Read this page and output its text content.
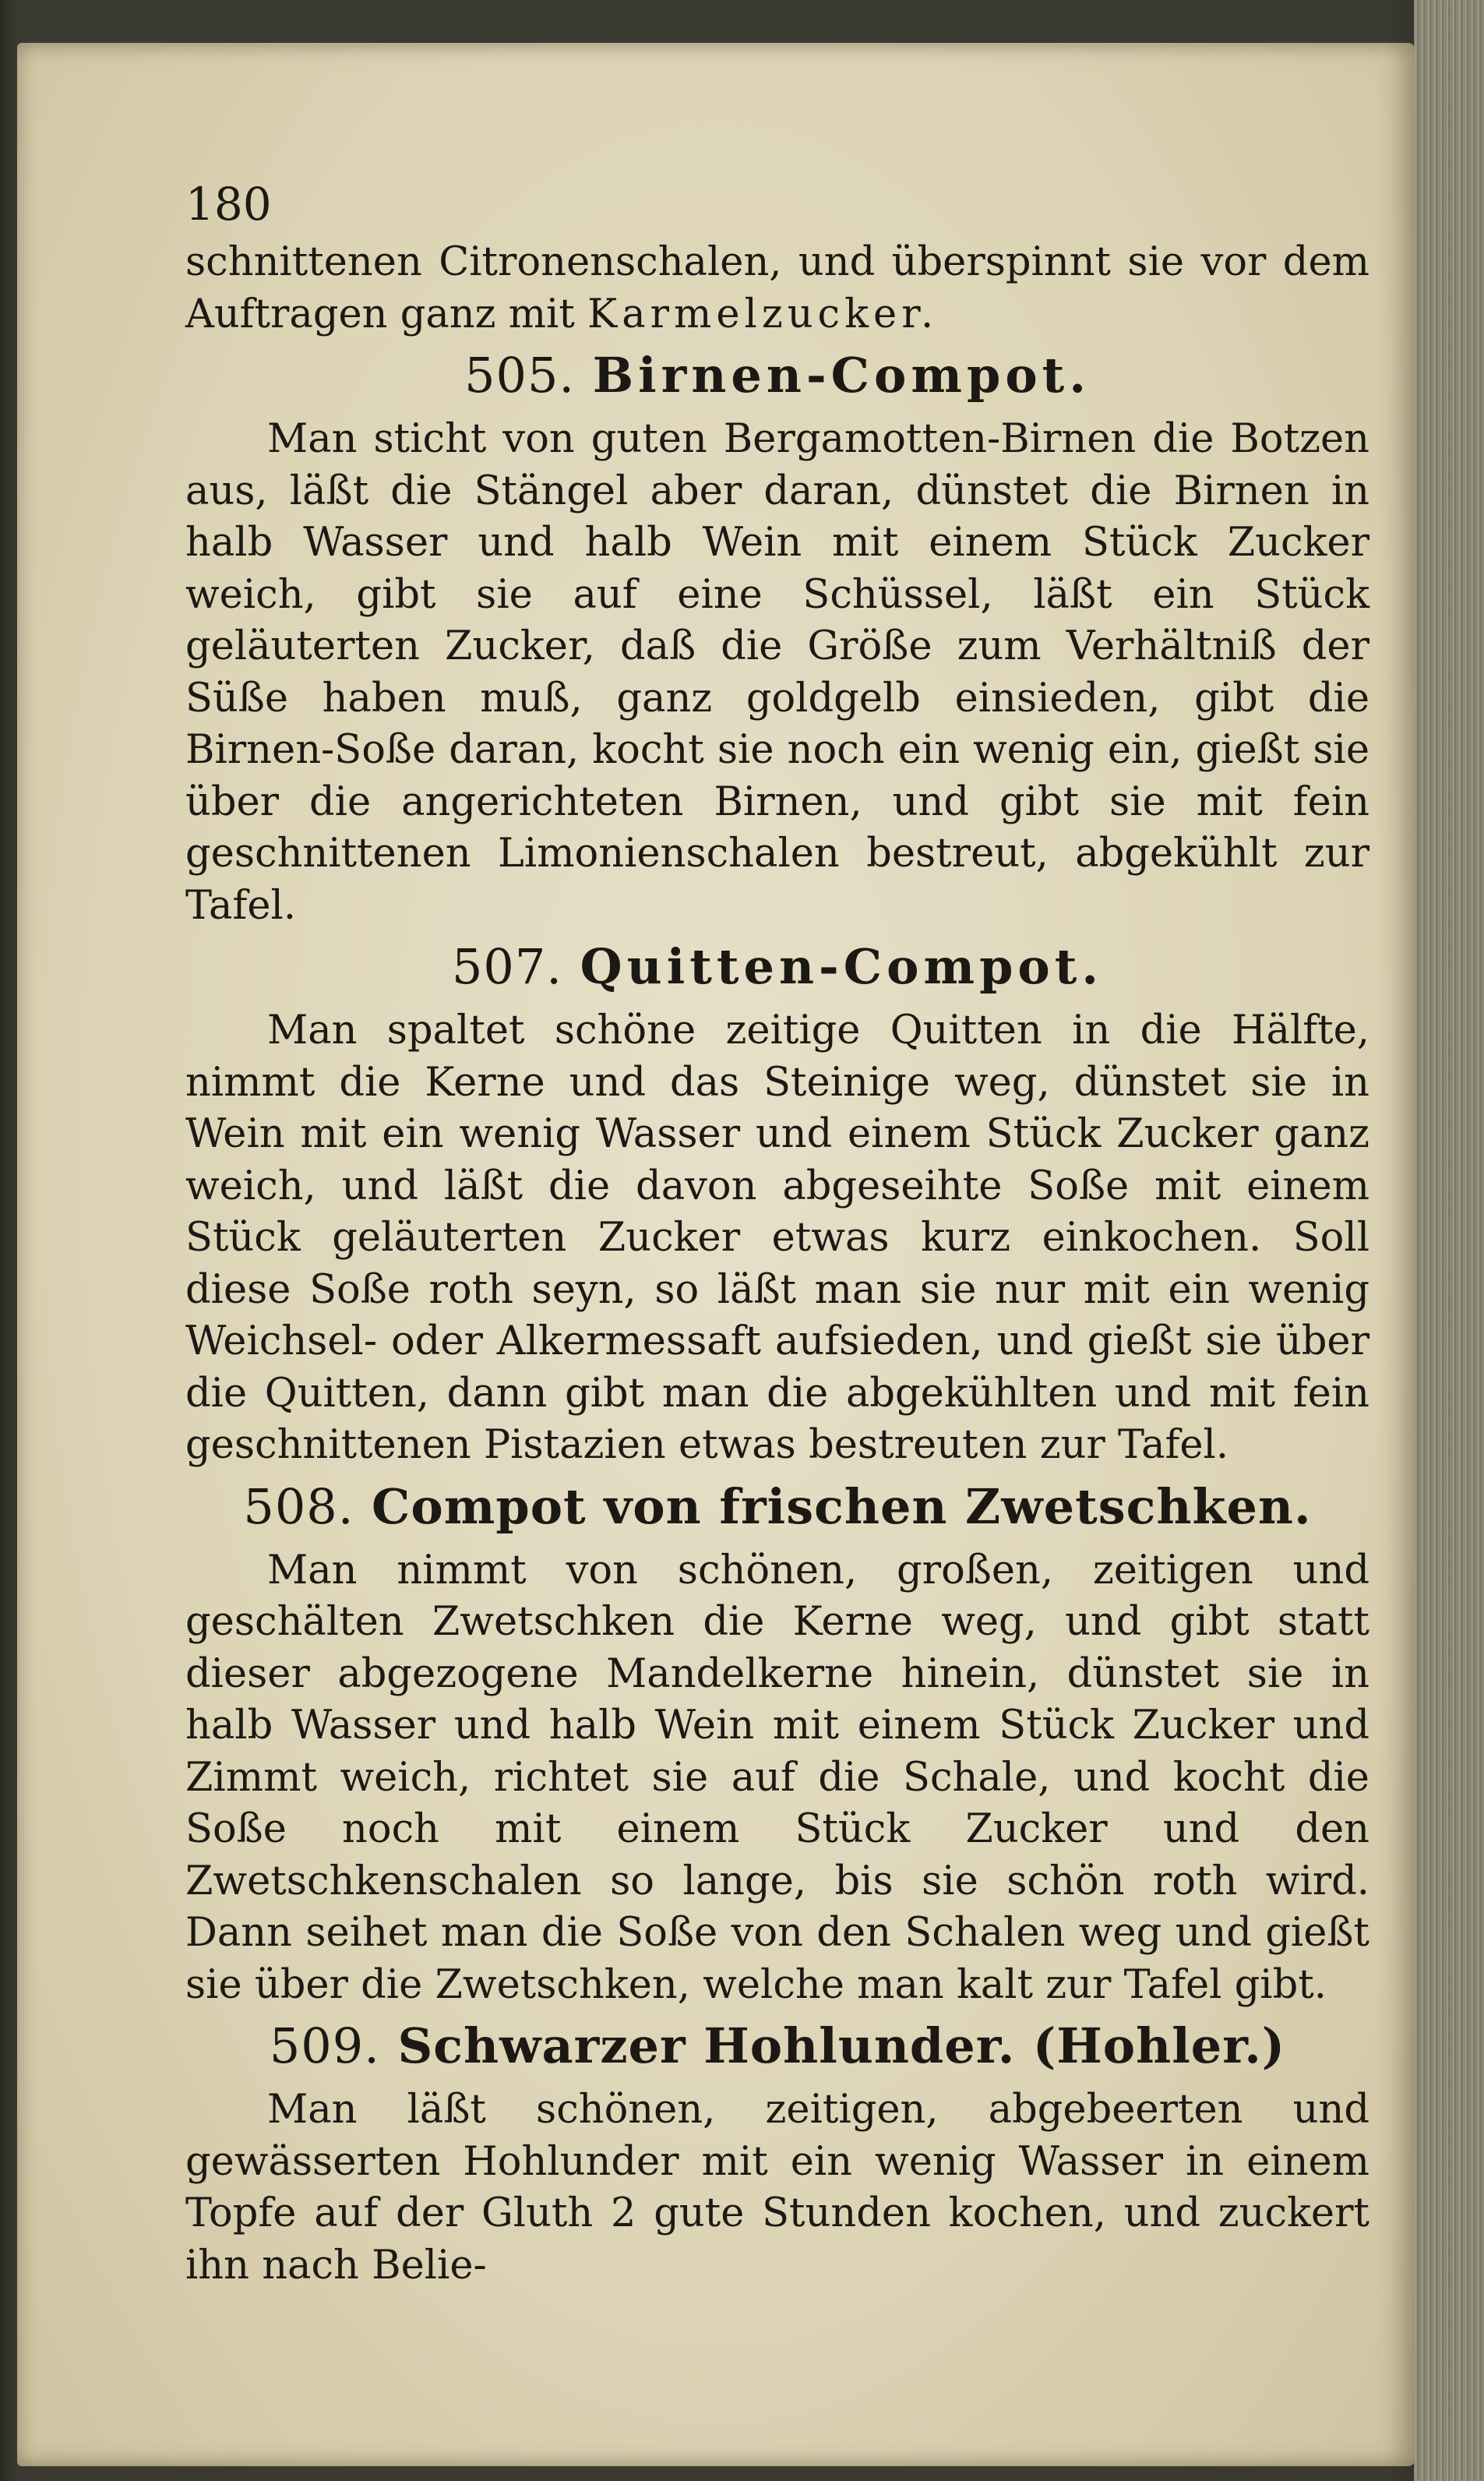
180

schnittenen Citronenschalen, und überspinnt sie vor dem Auftragen ganz mit Karmelzucker.

505. Birnen-Compot.

Man sticht von guten Bergamotten-Birnen die Botzen aus, läßt die Stängel aber daran, dünstet die Birnen in halb Wasser und halb Wein mit einem Stück Zucker weich, gibt sie auf eine Schüssel, läßt ein Stück geläuterten Zucker, daß die Größe zum Verhältniß der Süße haben muß, ganz goldgelb einsieden, gibt die Birnen-Soße daran, kocht sie noch ein wenig ein, gießt sie über die angerichteten Birnen, und gibt sie mit fein geschnittenen Limonienschalen bestreut, abgekühlt zur Tafel.

507. Quitten-Compot.

Man spaltet schöne zeitige Quitten in die Hälfte, nimmt die Kerne und das Steinige weg, dünstet sie in Wein mit ein wenig Wasser und einem Stück Zucker ganz weich, und läßt die davon abgeseihte Soße mit einem Stück geläuterten Zucker etwas kurz einkochen. Soll diese Soße roth seyn, so läßt man sie nur mit ein wenig Weichsel- oder Alkermessaft aufsieden, und gießt sie über die Quitten, dann gibt man die abgekühlten und mit fein geschnittenen Pistazien etwas bestreuten zur Tafel.

508. Compot von frischen Zwetschken.

Man nimmt von schönen, großen, zeitigen und geschälten Zwetschken die Kerne weg, und gibt statt dieser abgezogene Mandelkerne hinein, dünstet sie in halb Wasser und halb Wein mit einem Stück Zucker und Zimmt weich, richtet sie auf die Schale, und kocht die Soße noch mit einem Stück Zucker und den Zwetschkenschalen so lange, bis sie schön roth wird. Dann seihet man die Soße von den Schalen weg und gießt sie über die Zwetschken, welche man kalt zur Tafel gibt.

509. Schwarzer Hohlunder. (Hohler.)

Man läßt schönen, zeitigen, abgebeerten und gewässerten Hohlunder mit ein wenig Wasser in einem Topfe auf der Gluth 2 gute Stunden kochen, und zuckert ihn nach Belie-
